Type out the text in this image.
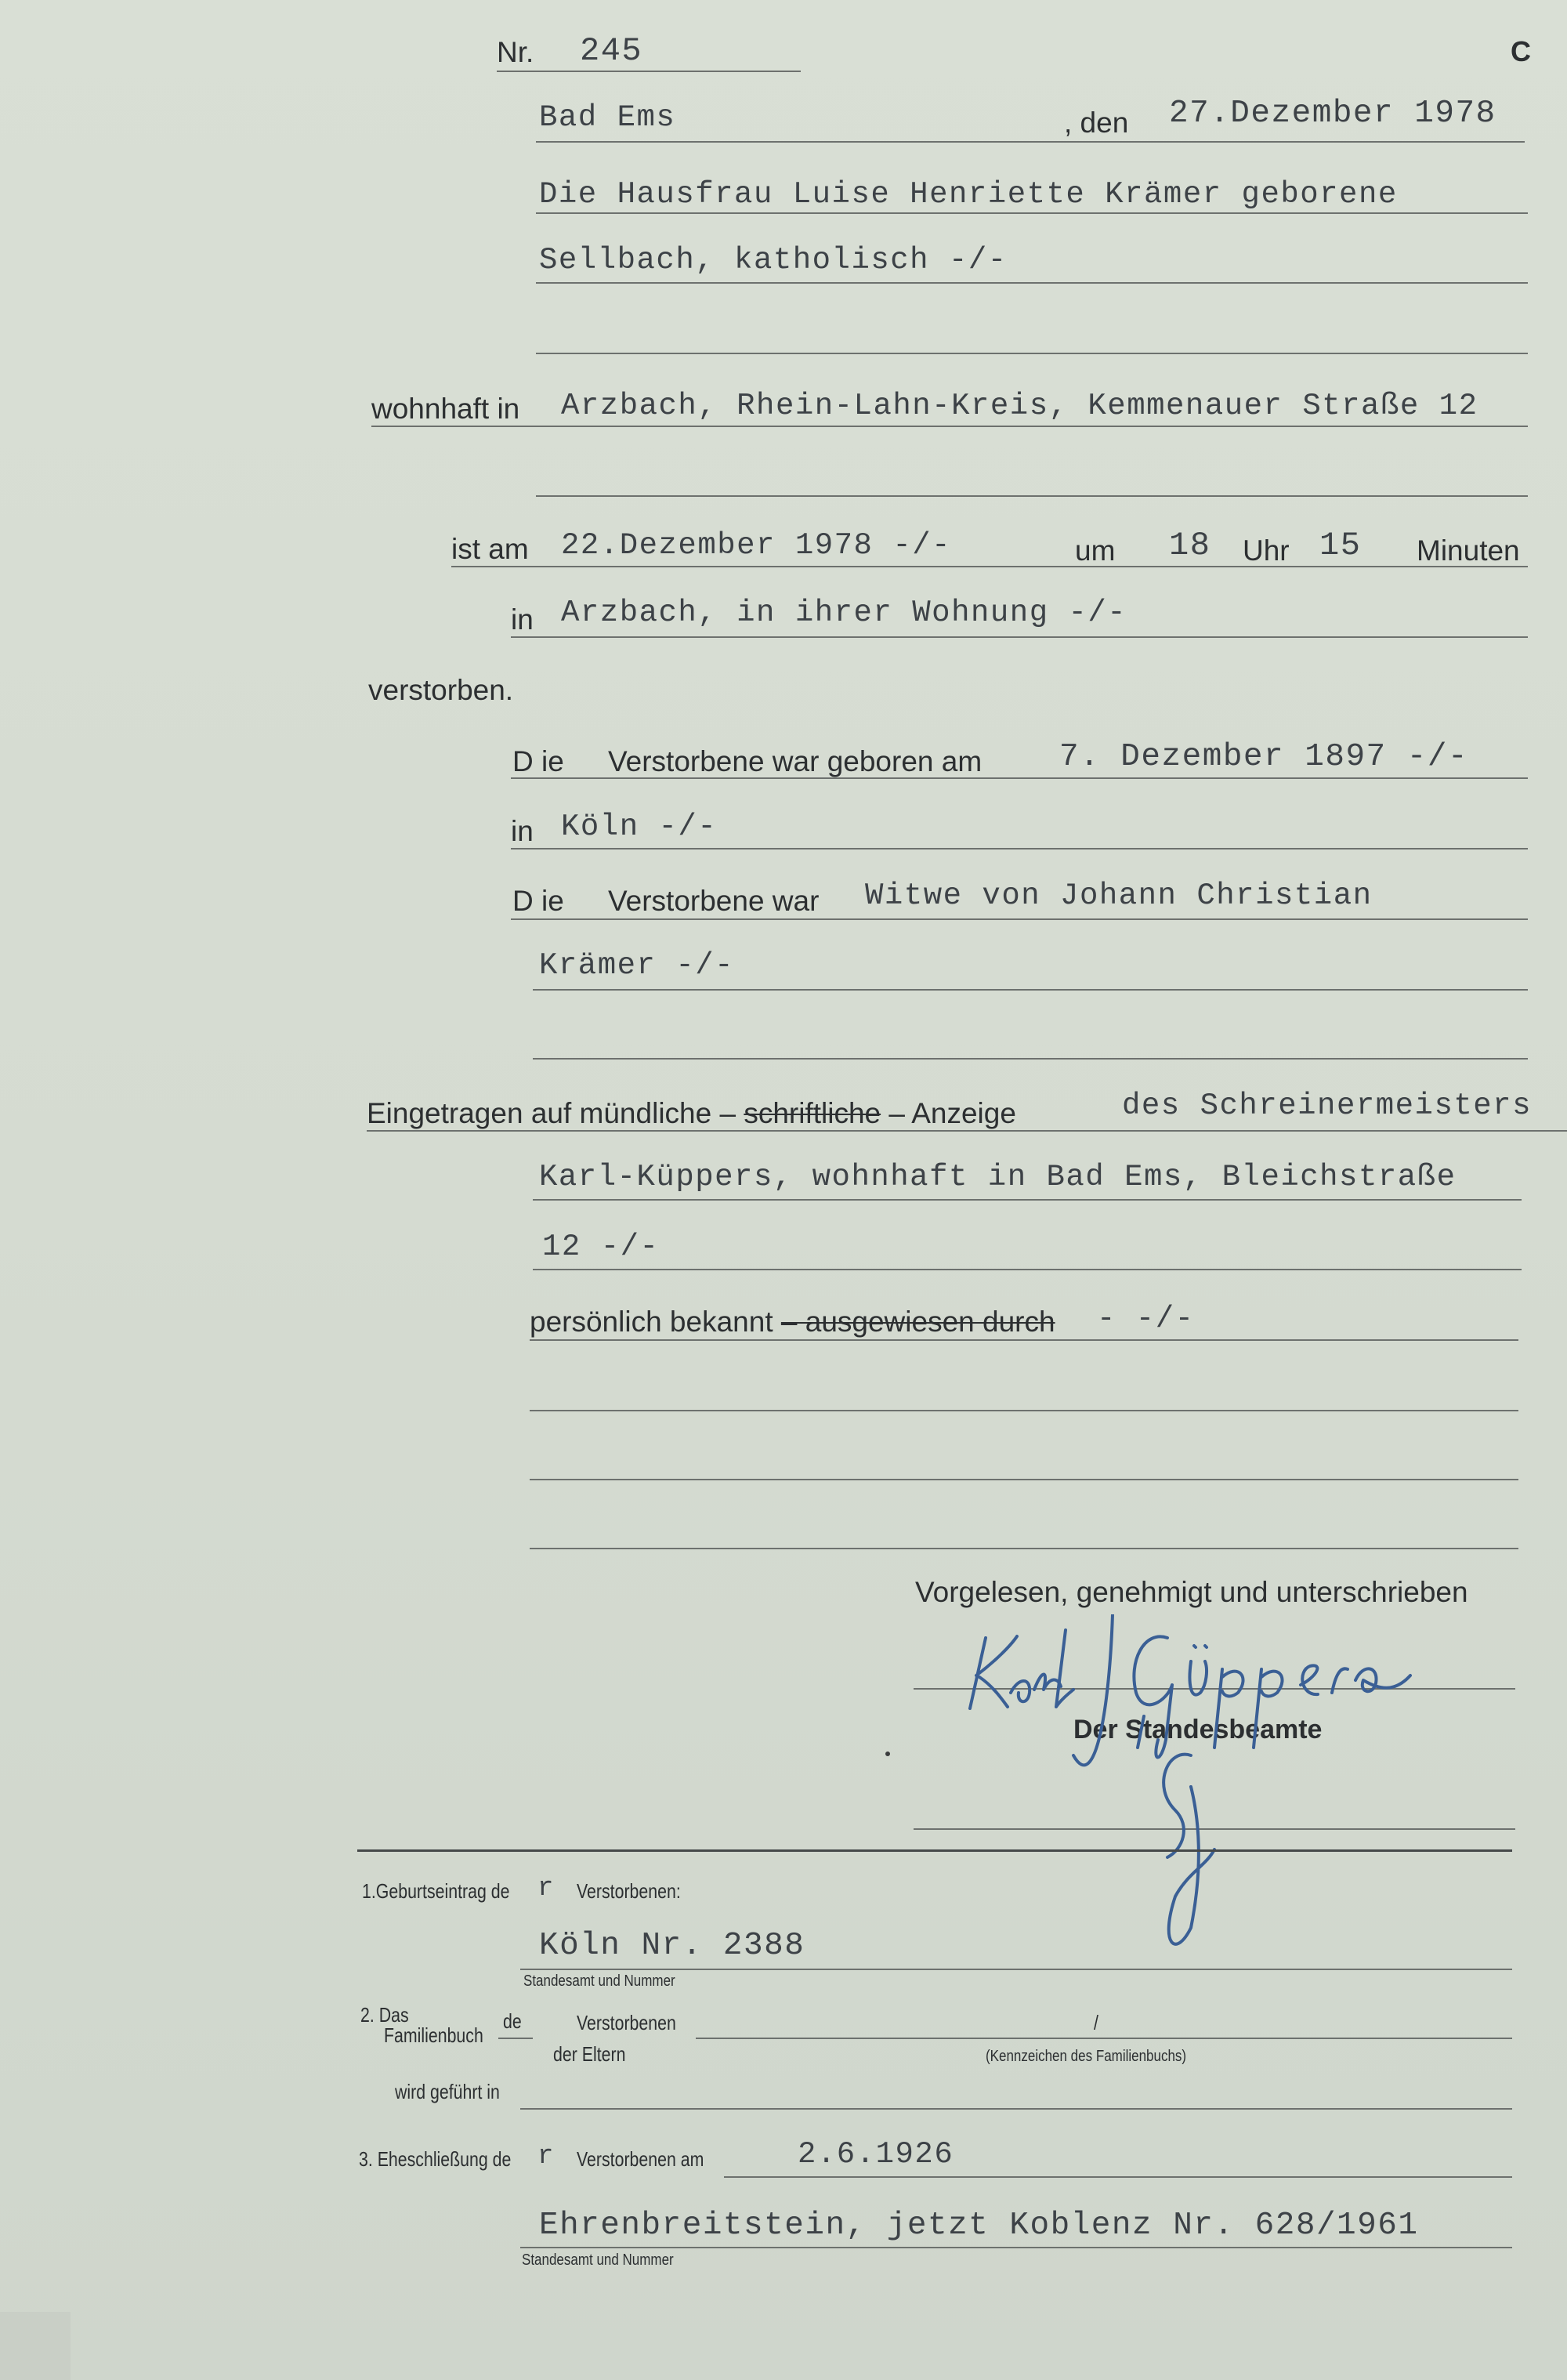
Nr. 245	C
Bad Ems	, den 27.Dezember 1978
Die Hausfrau Luise Henriette Krämer geborene
Sellbach, katholisch -/-
wohnhaft in Arzbach, Rhein-Lahn-Kreis, Kemmenauer Straße 12
ist am 22.Dezember 1978 -/-	um 18 Uhr 15 Minuten
in Arzbach, in ihrer Wohnung -/-
verstorben.
D ie Verstorbene war geboren am 7. Dezember 1897 -/-
in Köln -/-
D ie Verstorbene war Witwe von Johann Christian
Krämer -/-
Eingetragen auf mündliche – schriftliche – Anzeige	des Schreinermeisters
Karl-Küppers, wohnhaft in Bad Ems, Bleichstraße
12 -/-
persönlich bekannt – ausgewiesen durch - -/-
Vorgelesen, genehmigt und unterschrieben
Der Standesbeamte
1.Geburtseintrag de r Verstorbenen:
Köln Nr. 2388
Standesamt und Nummer
2. Das
Familienbuch
de	Verstorbenen	/
der Eltern	(Kennzeichen des Familienbuchs)
wird geführt in
3. Eheschließung de r Verstorbenen am	2.6.1926
Ehrenbreitstein, jetzt Koblenz Nr. 628/1961
Standesamt und Nummer
